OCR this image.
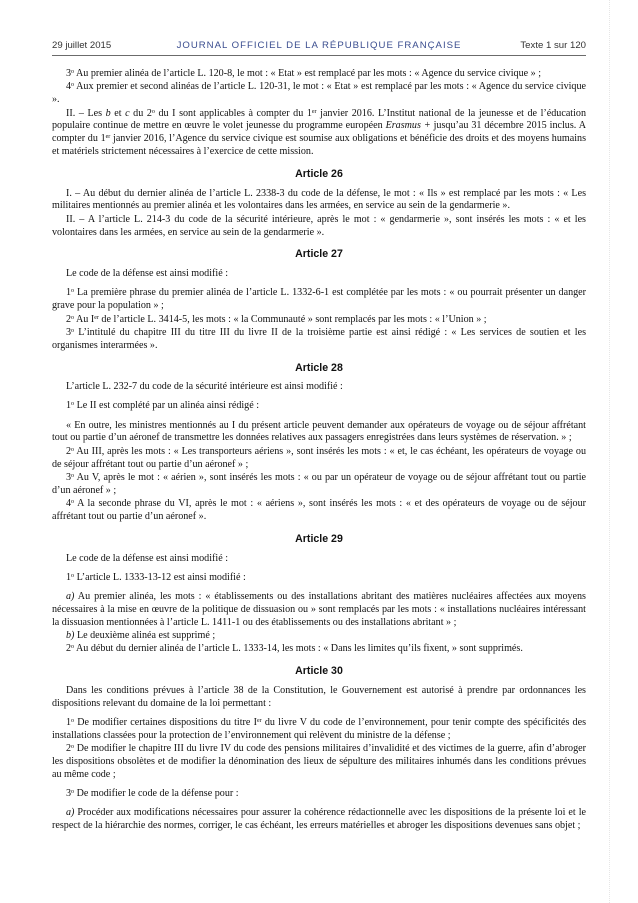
29 juillet 2015	JOURNAL OFFICIEL DE LA RÉPUBLIQUE FRANÇAISE	Texte 1 sur 120

3$^o$ Au premier alinéa de l’article L. 120-8, le mot : « Etat » est remplacé par les mots : « Agence du service civique » ;

4$^o$ Aux premier et second alinéas de l’article L. 120-31, le mot : « Etat » est remplacé par les mots : « Agence du service civique ».

II. – Les b et c du 2$^o$ du I sont applicables à compter du 1er janvier 2016. L’Institut national de la jeunesse et de l’éducation populaire continue de mettre en œuvre le volet jeunesse du programme européen Erasmus + jusqu’au 31 décembre 2015 inclus. A compter du 1er janvier 2016, l’Agence du service civique est soumise aux obligations et bénéficie des droits et des moyens humains et matériels strictement nécessaires à l’exercice de cette mission.

Article 26

I. – Au début du dernier alinéa de l’article L. 2338-3 du code de la défense, le mot : « Ils » est remplacé par les mots : « Les militaires mentionnés au premier alinéa et les volontaires dans les armées, en service au sein de la gendarmerie ».

II. – A l’article L. 214-3 du code de la sécurité intérieure, après le mot : « gendarmerie », sont insérés les mots : « et les volontaires dans les armées, en service au sein de la gendarmerie ».

Article 27

Le code de la défense est ainsi modifié :

1$^o$ La première phrase du premier alinéa de l’article L. 1332-6-1 est complétée par les mots : « ou pourrait présenter un danger grave pour la population » ;

2$^o$ Au Ier de l’article L. 3414-5, les mots : « la Communauté » sont remplacés par les mots : « l’Union » ;

3$^o$ L’intitulé du chapitre III du titre III du livre II de la troisième partie est ainsi rédigé : « Les services de soutien et les organismes interarmées ».

Article 28

L’article L. 232-7 du code de la sécurité intérieure est ainsi modifié :

1$^o$ Le II est complété par un alinéa ainsi rédigé :

« En outre, les ministres mentionnés au I du présent article peuvent demander aux opérateurs de voyage ou de séjour affrétant tout ou partie d’un aéronef de transmettre les données relatives aux passagers enregistrées dans leurs systèmes de réservation. » ;

2$^o$ Au III, après les mots : « Les transporteurs aériens », sont insérés les mots : « et, le cas échéant, les opérateurs de voyage ou de séjour affrétant tout ou partie d’un aéronef » ;

3$^o$ Au V, après le mot : « aérien », sont insérés les mots : « ou par un opérateur de voyage ou de séjour affrétant tout ou partie d’un aéronef » ;

4$^o$ A la seconde phrase du VI, après le mot : « aériens », sont insérés les mots : « et des opérateurs de voyage ou de séjour affrétant tout ou partie d’un aéronef ».

Article 29

Le code de la défense est ainsi modifié :

1$^o$ L’article L. 1333-13-12 est ainsi modifié :

a) Au premier alinéa, les mots : « établissements ou des installations abritant des matières nucléaires affectées aux moyens nécessaires à la mise en œuvre de la politique de dissuasion ou » sont remplacés par les mots : « installations nucléaires intéressant la dissuasion mentionnées à l’article L. 1411-1 ou des établissements ou des installations abritant » ;

b) Le deuxième alinéa est supprimé ;

2$^o$ Au début du dernier alinéa de l’article L. 1333-14, les mots : « Dans les limites qu’ils fixent, » sont supprimés.

Article 30

Dans les conditions prévues à l’article 38 de la Constitution, le Gouvernement est autorisé à prendre par ordonnances les dispositions relevant du domaine de la loi permettant :

1$^o$ De modifier certaines dispositions du titre Ier du livre V du code de l’environnement, pour tenir compte des spécificités des installations classées pour la protection de l’environnement qui relèvent du ministre de la défense ;

2$^o$ De modifier le chapitre III du livre IV du code des pensions militaires d’invalidité et des victimes de la guerre, afin d’abroger les dispositions obsolètes et de modifier la dénomination des lieux de sépulture des militaires inhumés dans les conditions prévues au même code ;

3$^o$ De modifier le code de la défense pour :

a) Procéder aux modifications nécessaires pour assurer la cohérence rédactionnelle avec les dispositions de la présente loi et le respect de la hiérarchie des normes, corriger, le cas échéant, les erreurs matérielles et abroger les dispositions devenues sans objet ;
